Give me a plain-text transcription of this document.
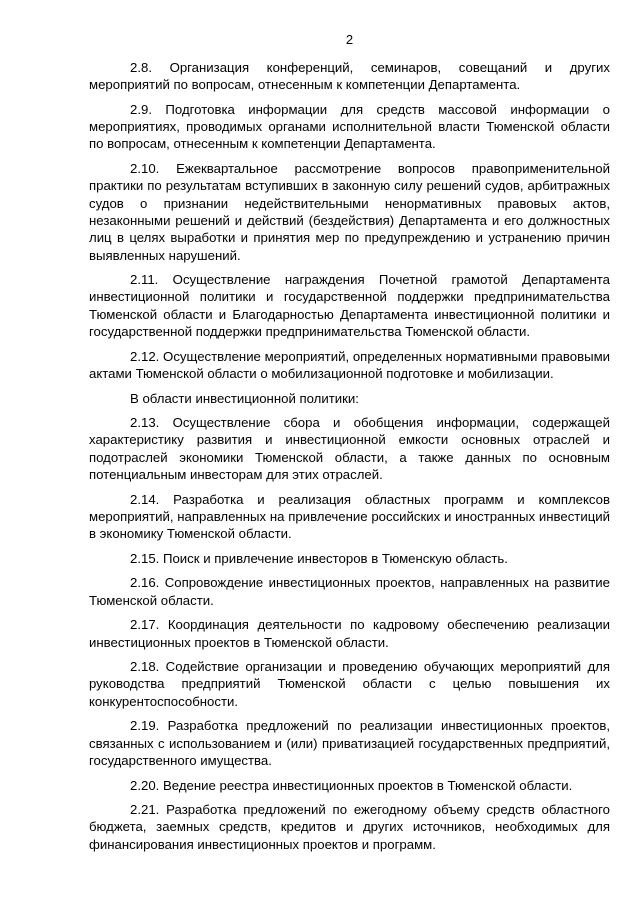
2

2.8. Организация конференций, семинаров, совещаний и других мероприятий по вопросам, отнесенным к компетенции Департамента.

2.9. Подготовка информации для средств массовой информации о мероприятиях, проводимых органами исполнительной власти Тюменской области по вопросам, отнесенным к компетенции Департамента.

2.10. Ежеквартальное рассмотрение вопросов правоприменительной практики по результатам вступивших в законную силу решений судов, арбитражных судов о признании недействительными ненормативных правовых актов, незаконными решений и действий (бездействия) Департамента и его должностных лиц в целях выработки и принятия мер по предупреждению и устранению причин выявленных нарушений.

2.11. Осуществление награждения Почетной грамотой Департамента инвестиционной политики и государственной поддержки предпринимательства Тюменской области и Благодарностью Департамента инвестиционной политики и государственной поддержки предпринимательства Тюменской области.

2.12. Осуществление мероприятий, определенных нормативными правовыми актами Тюменской области о мобилизационной подготовке и мобилизации.

В области инвестиционной политики:

2.13. Осуществление сбора и обобщения информации, содержащей характеристику развития и инвестиционной емкости основных отраслей и подотраслей экономики Тюменской области, а также данных по основным потенциальным инвесторам для этих отраслей.

2.14. Разработка и реализация областных программ и комплексов мероприятий, направленных на привлечение российских и иностранных инвестиций в экономику Тюменской области.

2.15. Поиск и привлечение инвесторов в Тюменскую область.

2.16. Сопровождение инвестиционных проектов, направленных на развитие Тюменской области.

2.17. Координация деятельности по кадровому обеспечению реализации инвестиционных проектов в Тюменской области.

2.18. Содействие организации и проведению обучающих мероприятий для руководства предприятий Тюменской области с целью повышения их конкурентоспособности.

2.19. Разработка предложений по реализации инвестиционных проектов, связанных с использованием и (или) приватизацией государственных предприятий, государственного имущества.

2.20. Ведение реестра инвестиционных проектов в Тюменской области.

2.21. Разработка предложений по ежегодному объему средств областного бюджета, заемных средств, кредитов и других источников, необходимых для финансирования инвестиционных проектов и программ.
